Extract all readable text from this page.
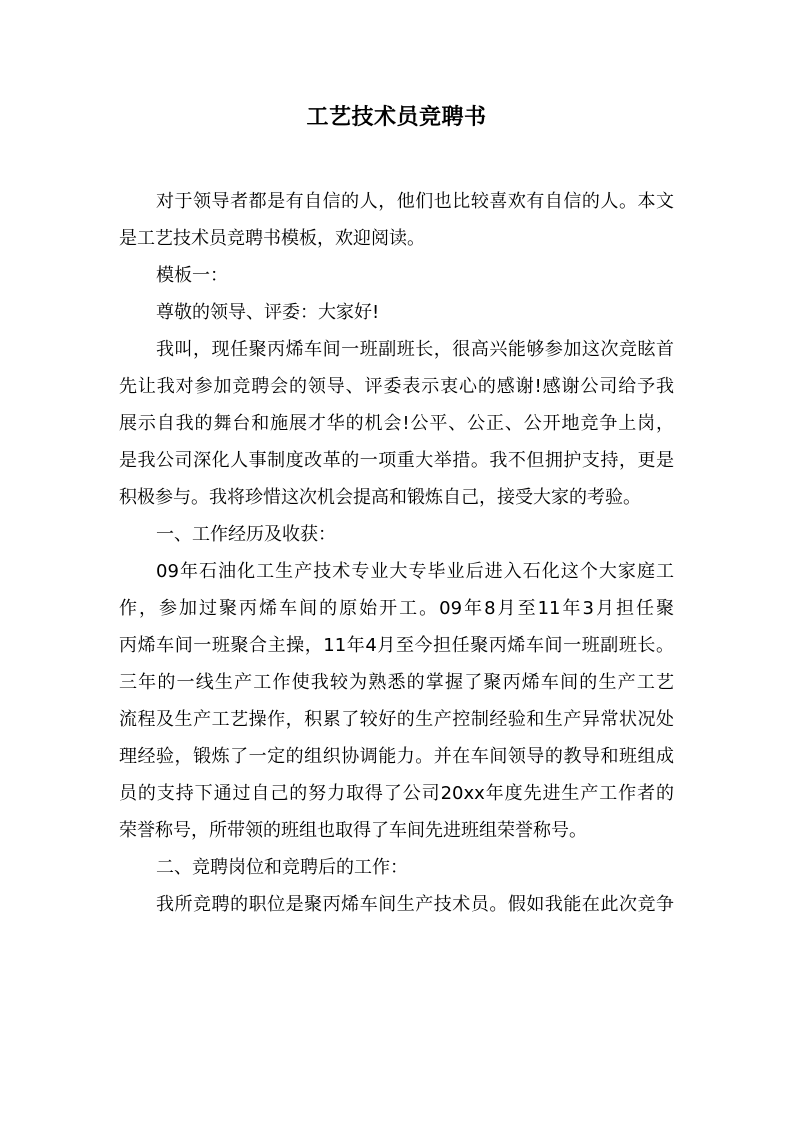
工艺技术员竞聘书
对于领导者都是有自信的人，他们也比较喜欢有自信的人。本文
是工艺技术员竞聘书模板，欢迎阅读。
模板一：
尊敬的领导、评委：大家好!
我叫，现任聚丙烯车间一班副班长，很高兴能够参加这次竞眩首
先让我对参加竞聘会的领导、评委表示衷心的感谢!感谢公司给予我
展示自我的舞台和施展才华的机会!公平、公正、公开地竞争上岗，
是我公司深化人事制度改革的一项重大举措。我不但拥护支持，更是
积极参与。我将珍惜这次机会提高和锻炼自己，接受大家的考验。
一、工作经历及收获：
09年石油化工生产技术专业大专毕业后进入石化这个大家庭工
作，参加过聚丙烯车间的原始开工。09年8月至11年3月担任聚
丙烯车间一班聚合主操，11年4月至今担任聚丙烯车间一班副班长。
三年的一线生产工作使我较为熟悉的掌握了聚丙烯车间的生产工艺
流程及生产工艺操作，积累了较好的生产控制经验和生产异常状况处
理经验，锻炼了一定的组织协调能力。并在车间领导的教导和班组成
员的支持下通过自己的努力取得了公司20xx年度先进生产工作者的
荣誉称号，所带领的班组也取得了车间先进班组荣誉称号。
二、竞聘岗位和竞聘后的工作：
我所竞聘的职位是聚丙烯车间生产技术员。假如我能在此次竞争
